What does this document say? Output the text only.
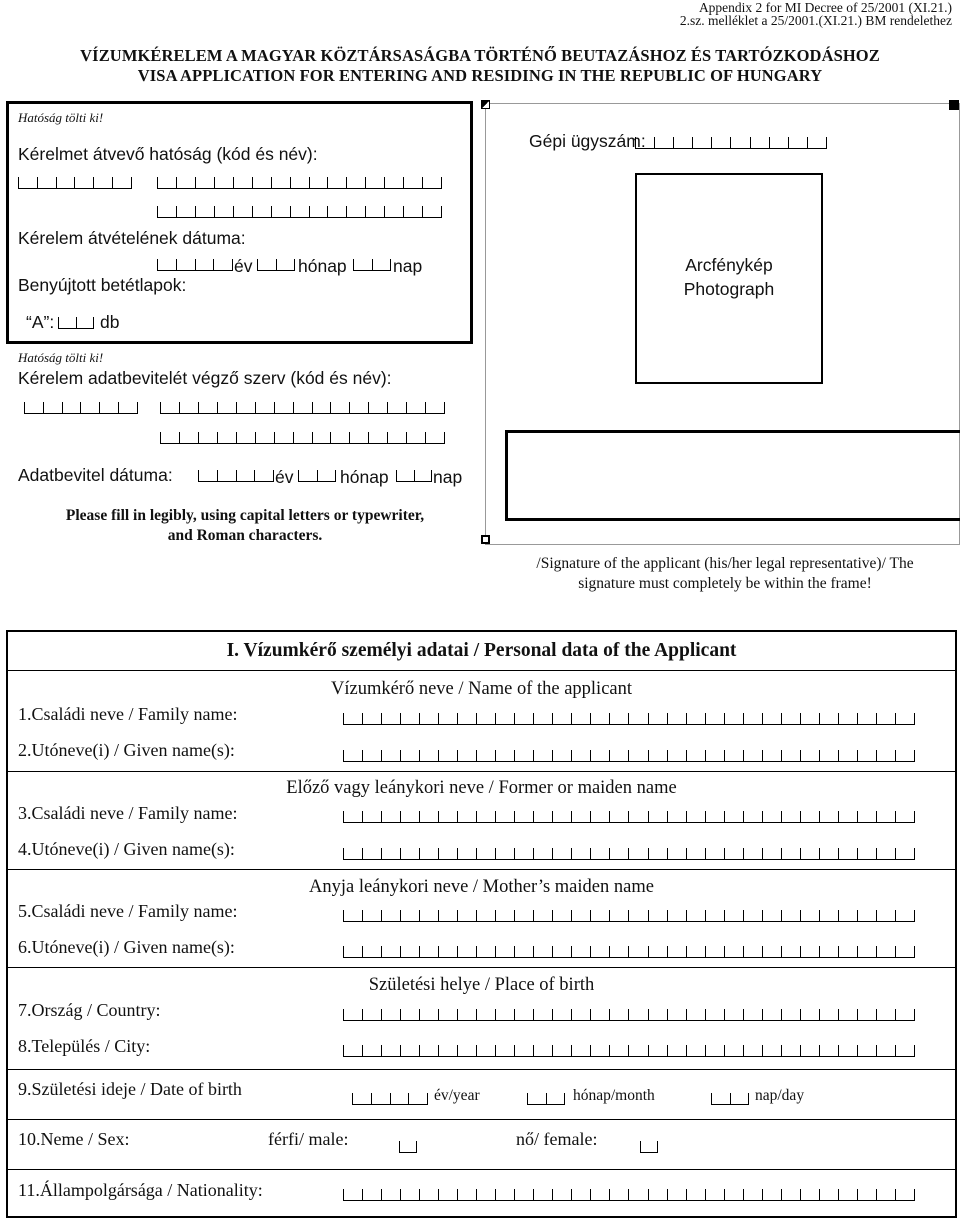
Appendix 2 for MI Decree of 25/2001 (XI.21.)
2.sz. melléklet a 25/2001.(XI.21.) BM rendelethez
VÍZUMKÉRELEM A MAGYAR KÖZTÁRSASÁGBA TÖRTÉNŐ BEUTAZÁSHOZ ÉS TARTÓZKODÁSHOZ
VISA APPLICATION FOR ENTERING AND RESIDING IN THE REPUBLIC OF HUNGARY
Hatóság tölti ki!
Kérelmet átvevő hatóság (kód és név):
Kérelem átvételének dátuma:
év	hónap	nap
Benyújtott betétlapok:
“A”:	db
Hatóság tölti ki!
Kérelem adatbevitelét végző szerv (kód és név):
Adatbevitel dátuma:	év	hónap	nap
Please fill in legibly, using capital letters or typewriter,
and Roman characters.
Gépi ügyszám:
Arcfénykép
Photograph
/Signature of the applicant (his/her legal representative)/ The
signature must completely be within the frame!
I. Vízumkérő személyi adatai / Personal data of the Applicant
Vízumkérő neve / Name of the applicant
1.Családi neve / Family name:
2.Utóneve(i) / Given name(s):
Előző vagy leánykori neve / Former or maiden name
3.Családi neve / Family name:
4.Utóneve(i) / Given name(s):
Anyja leánykori neve / Mother’s maiden name
5.Családi neve / Family name:
6.Utóneve(i) / Given name(s):
Születési helye / Place of birth
7.Ország / Country:
8.Település / City:
9.Születési ideje / Date of birth	év/year	hónap/month	nap/day
10.Neme / Sex:	férfi/ male:	nő/ female:
11.Állampolgársága / Nationality:
